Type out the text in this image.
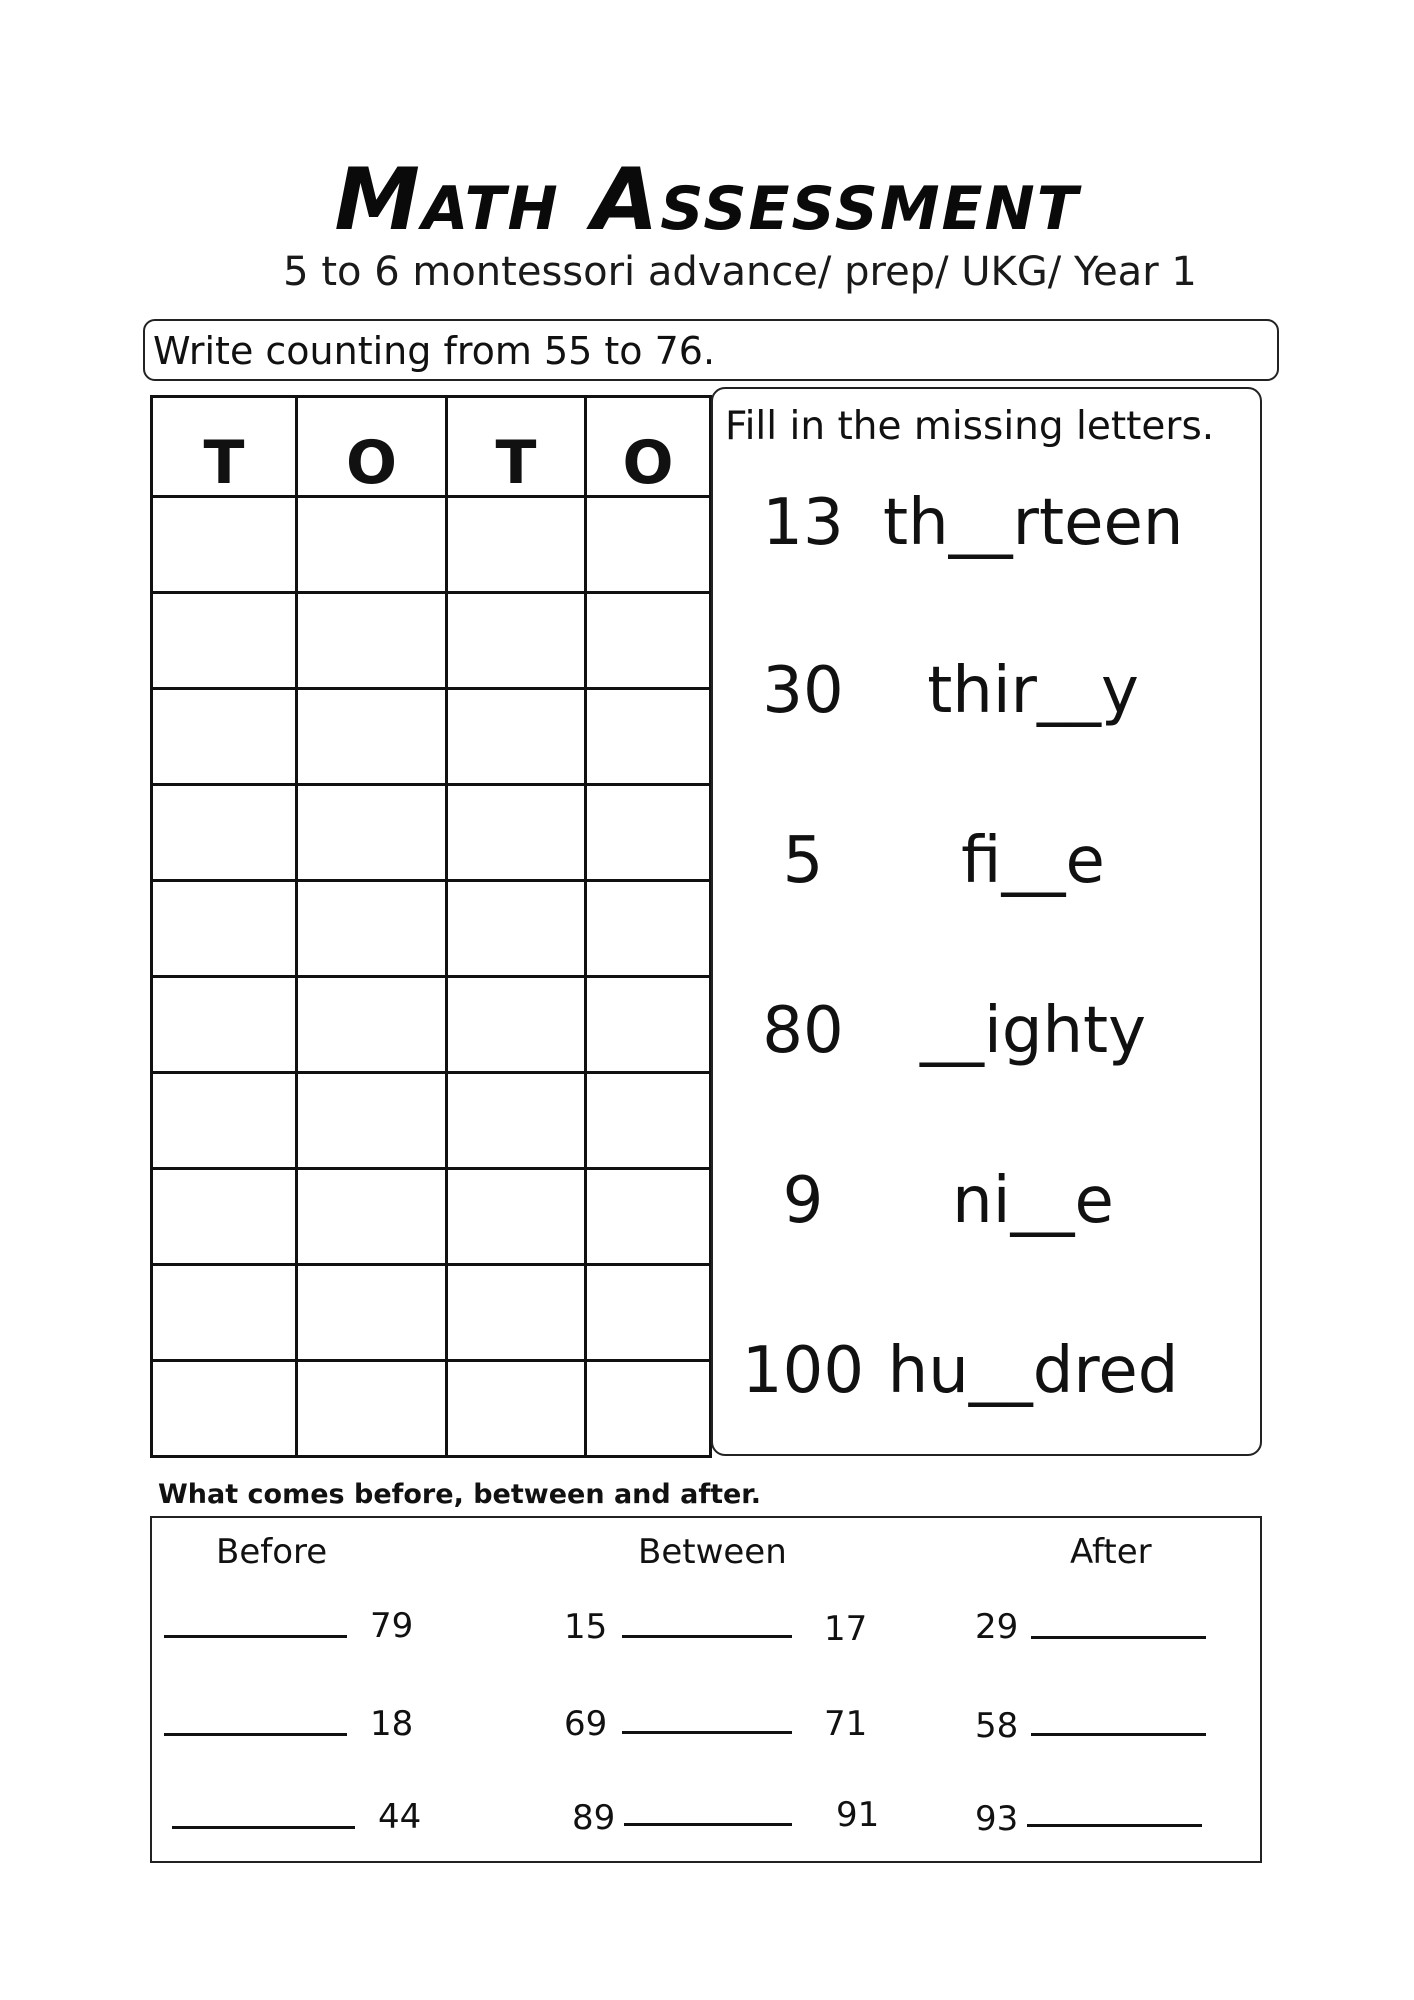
Math Assessment
5 to 6 montessori advance/ prep/ UKG/ Year 1
Write counting from 55 to 76.
T	O	T	O

Fill in the missing letters.
13 th__rteen
30	thir__y
5	fi__e
80	__ighty
9	ni__e
100 hu__dred
What comes before, between and after.
Before	Between	After
79	15	17	29
18	69	71	58
44	89	91	93
